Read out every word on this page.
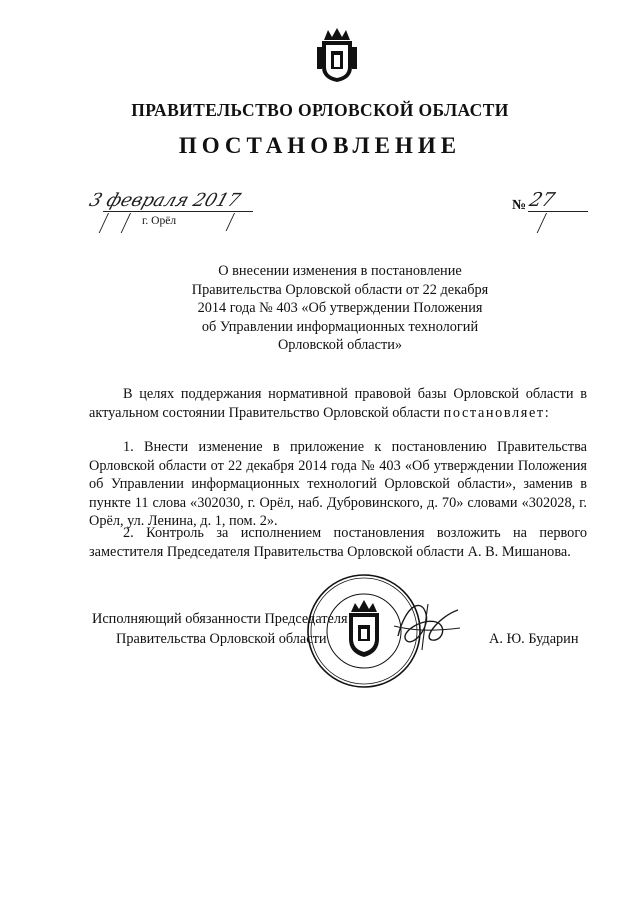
ПРАВИТЕЛЬСТВО ОРЛОВСКОЙ ОБЛАСТИ
ПОСТАНОВЛЕНИЕ
3 февраля 2017
г. Орёл
№ 27
О внесении изменения в постановление
Правительства Орловской области от 22 декабря
2014 года № 403 «Об утверждении Положения
об Управлении информационных технологий
Орловской области»
В целях поддержания нормативной правовой базы Орловской области в актуальном состоянии Правительство Орловской области постановляет:
1. Внести изменение в приложение к постановлению Правительства Орловской области от 22 декабря 2014 года № 403 «Об утверждении Положения об Управлении информационных технологий Орловской области», заменив в пункте 11 слова «302030, г. Орёл, наб. Дубровинского, д. 70» словами «302028, г. Орёл, ул. Ленина, д. 1, пом. 2».
2. Контроль за исполнением постановления возложить на первого заместителя Председателя Правительства Орловской области А. В. Мишанова.
Исполняющий обязанности Председателя
Правительства Орловской области	А. Ю. Бударин
